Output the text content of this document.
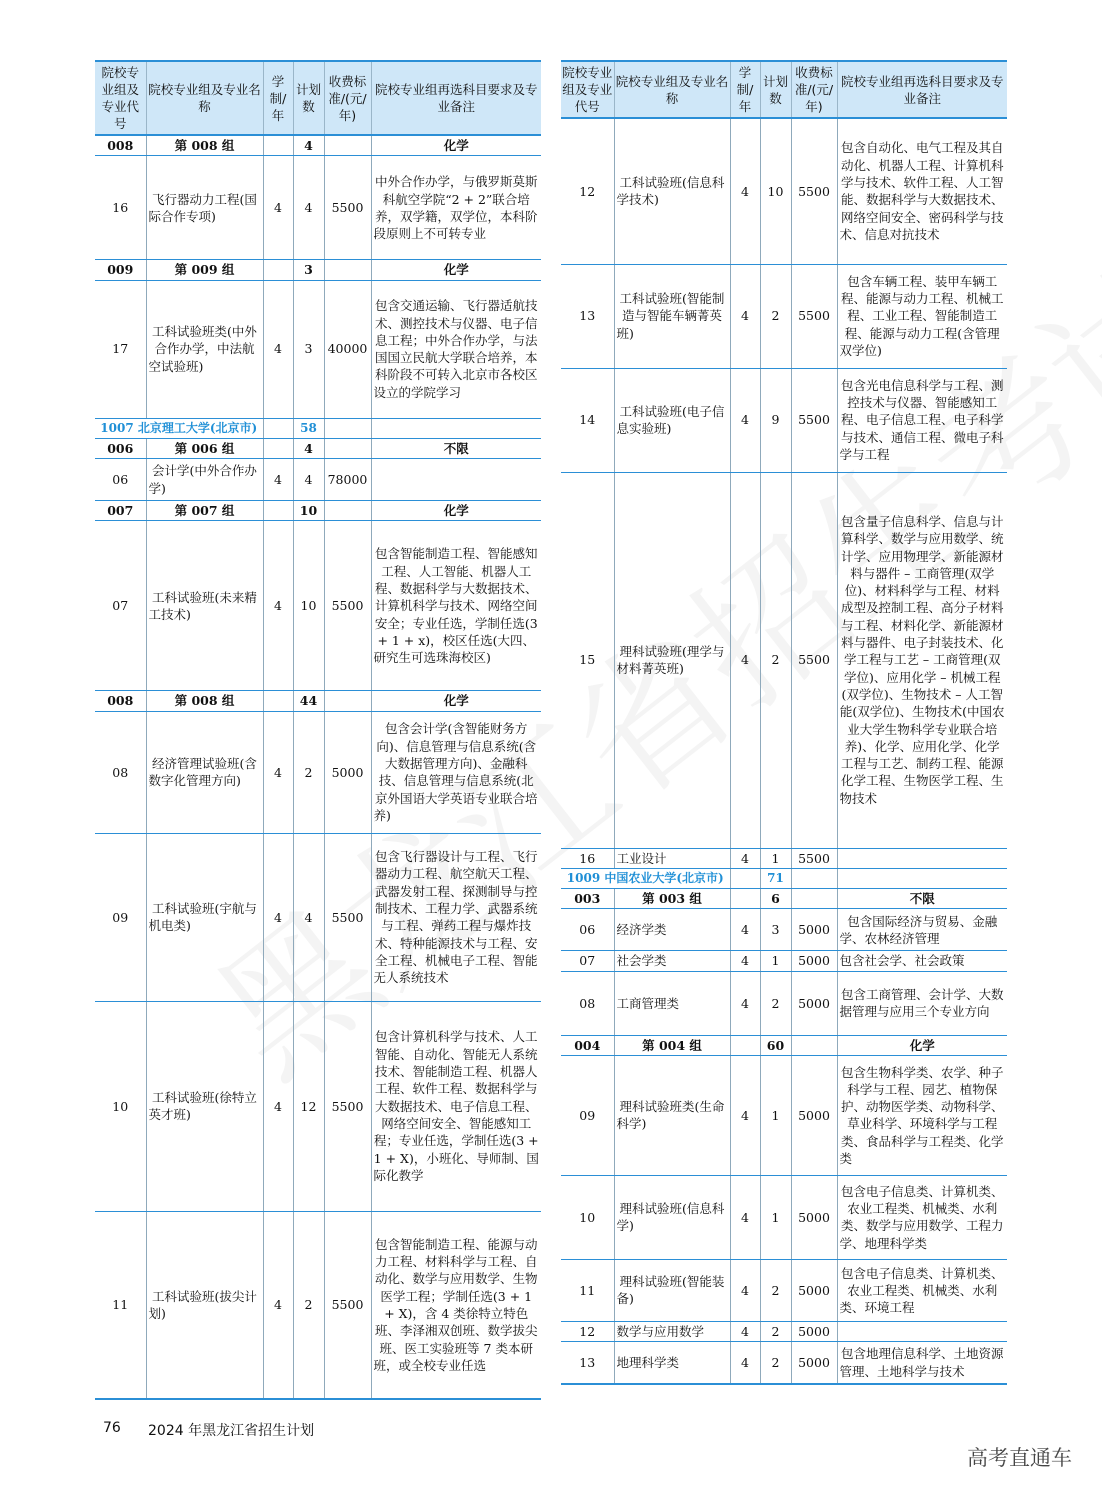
院校专业组及专业代号	院校专业组及专业名称	学制/年	计划数	收费标准/(元/年)	院校专业组再选科目要求及专业备注
008	第 008 组		4		化学
16	飞行器动力工程(国际合作专项)	4	4	5500	中外合作办学，与俄罗斯莫斯科航空学院“2 + 2”联合培养，双学籍，双学位，本科阶段原则上不可转专业
009	第 009 组		3		化学
17	工科试验班类(中外合作办学，中法航空试验班)	4	3	40000	包含交通运输、飞行器适航技术、测控技术与仪器、电子信息工程；中外合作办学，与法国国立民航大学联合培养，本科阶段不可转入北京市各校区设立的学院学习
1007 北京理工大学(北京市)			58		
006	第 006 组		4		不限
06	会计学(中外合作办学)	4	4	78000	
007	第 007 组		10		化学
07	工科试验班(未来精工技术)	4	10	5500	包含智能制造工程、智能感知工程、人工智能、机器人工程、数据科学与大数据技术、计算机科学与技术、网络空间安全；专业任选，学制任选(3 + 1 + x)，校区任选(大四、研究生可选珠海校区)
008	第 008 组		44		化学
08	经济管理试验班(含数字化管理方向)	4	2	5000	包含会计学(含智能财务方向)、信息管理与信息系统(含大数据管理方向)、金融科技、信息管理与信息系统(北京外国语大学英语专业联合培养)
09	工科试验班(宇航与机电类)	4	4	5500	包含飞行器设计与工程、飞行器动力工程、航空航天工程、武器发射工程、探测制导与控制技术、工程力学、武器系统与工程、弹药工程与爆炸技术、特种能源技术与工程、安全工程、机械电子工程、智能无人系统技术
10	工科试验班(徐特立英才班)	4	12	5500	包含计算机科学与技术、人工智能、自动化、智能无人系统技术、智能制造工程、机器人工程、软件工程、数据科学与大数据技术、电子信息工程、网络空间安全、智能感知工程；专业任选，学制任选(3 + 1 + X)，小班化、导师制、国际化教学
11	工科试验班(拔尖计划)	4	2	5500	包含智能制造工程、能源与动力工程、材料科学与工程、自动化、数学与应用数学、生物医学工程；学制任选(3 + 1 + X)，含 4 类徐特立特色班、李泽湘双创班、数学拔尖班、医工实验班等 7 类本研班，或全校专业任选
院校专业组及专业代号	院校专业组及专业名称	学制/年	计划数	收费标准/(元/年)	院校专业组再选科目要求及专业备注
12	工科试验班(信息科学技术)	4	10	5500	包含自动化、电气工程及其自动化、机器人工程、计算机科学与技术、软件工程、人工智能、数据科学与大数据技术、网络空间安全、密码科学与技术、信息对抗技术
13	工科试验班(智能制造与智能车辆菁英班)	4	2	5500	包含车辆工程、装甲车辆工程、能源与动力工程、机械工程、工业工程、智能制造工程、能源与动力工程(含管理双学位)
14	工科试验班(电子信息实验班)	4	9	5500	包含光电信息科学与工程、测控技术与仪器、智能感知工程、电子信息工程、电子科学与技术、通信工程、微电子科学与工程
15	理科试验班(理学与材料菁英班)	4	2	5500	包含量子信息科学、信息与计算科学、数学与应用数学、统计学、应用物理学、新能源材料与器件 – 工商管理(双学位)、材料科学与工程、材料成型及控制工程、高分子材料与工程、材料化学、新能源材料与器件、电子封装技术、化学工程与工艺 – 工商管理(双学位)、应用化学 – 机械工程(双学位)、生物技术 – 人工智能(双学位)、生物技术(中国农业大学生物科学专业联合培养)、化学、应用化学、化学工程与工艺、制药工程、能源化学工程、生物医学工程、生物技术
16	工业设计	4	1	5500	
1009 中国农业大学(北京市)			71		
003	第 003 组		6		不限
06	经济学类	4	3	5000	包含国际经济与贸易、金融学、农林经济管理
07	社会学类	4	1	5000	包含社会学、社会政策
08	工商管理类	4	2	5000	包含工商管理、会计学、大数据管理与应用三个专业方向
004	第 004 组		60		化学
09	理科试验班类(生命科学)	4	1	5000	包含生物科学类、农学、种子科学与工程、园艺、植物保护、动物医学类、动物科学、草业科学、环境科学与工程类、食品科学与工程类、化学类
10	理科试验班(信息科学)	4	1	5000	包含电子信息类、计算机类、农业工程类、机械类、水利类、数学与应用数学、工程力学、地理科学类
11	理科试验班(智能装备)	4	2	5000	包含电子信息类、计算机类、农业工程类、机械类、水利类、环境工程
12	数学与应用数学	4	2	5000	
13	地理科学类	4	2	5000	包含地理信息科学、土地资源管理、土地科学与技术
76 2024 年黑龙江省招生计划
高考直通车
